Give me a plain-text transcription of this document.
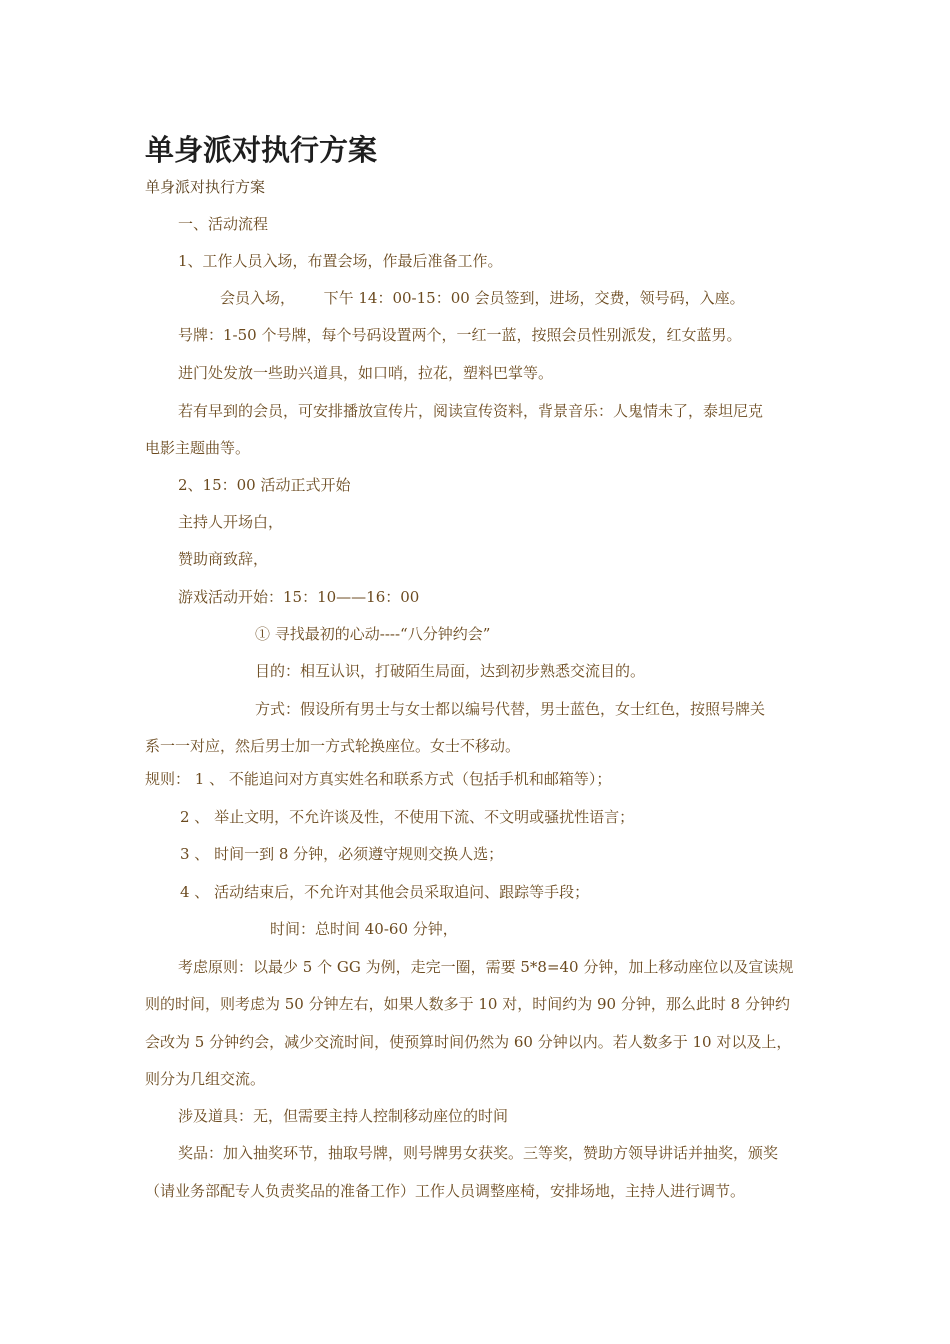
单身派对执行方案
单身派对执行方案
一、活动流程
1、工作人员入场，布置会场，作最后准备工作。
会员入场，      下午 14：00-15：00 会员签到，进场，交费，领号码，入座。
号牌：1-50 个号牌，每个号码设置两个，一红一蓝，按照会员性别派发，红女蓝男。
进门处发放一些助兴道具，如口哨，拉花，塑料巴掌等。
若有早到的会员，可安排播放宣传片，阅读宣传资料，背景音乐：人鬼情未了，泰坦尼克
电影主题曲等。
2、15：00 活动正式开始
主持人开场白，
赞助商致辞，
游戏活动开始：15：10——16：00
① 寻找最初的心动----“八分钟约会”
目的：相互认识，打破陌生局面，达到初步熟悉交流目的。
方式：假设所有男士与女士都以编号代替，男士蓝色，女士红色，按照号牌关
系一一对应，然后男士加一方式轮换座位。女士不移动。
规则： 1 、 不能追问对方真实姓名和联系方式（包括手机和邮箱等）；
2 、 举止文明，不允许谈及性，不使用下流、不文明或骚扰性语言；
3 、 时间一到 8 分钟，必须遵守规则交换人选；
4 、 活动结束后，不允许对其他会员采取追问、跟踪等手段；
时间：总时间 40-60 分钟，
考虑原则：以最少 5 个 GG 为例，走完一圈，需要 5*8=40 分钟，加上移动座位以及宣读规
则的时间，则考虑为 50 分钟左右，如果人数多于 10 对，时间约为 90 分钟，那么此时 8 分钟约
会改为 5 分钟约会，减少交流时间，使预算时间仍然为 60 分钟以内。若人数多于 10 对以及上，
则分为几组交流。
涉及道具：无，但需要主持人控制移动座位的时间
奖品：加入抽奖环节，抽取号牌，则号牌男女获奖。三等奖，赞助方领导讲话并抽奖，颁奖
（请业务部配专人负责奖品的准备工作）工作人员调整座椅，安排场地，主持人进行调节。
